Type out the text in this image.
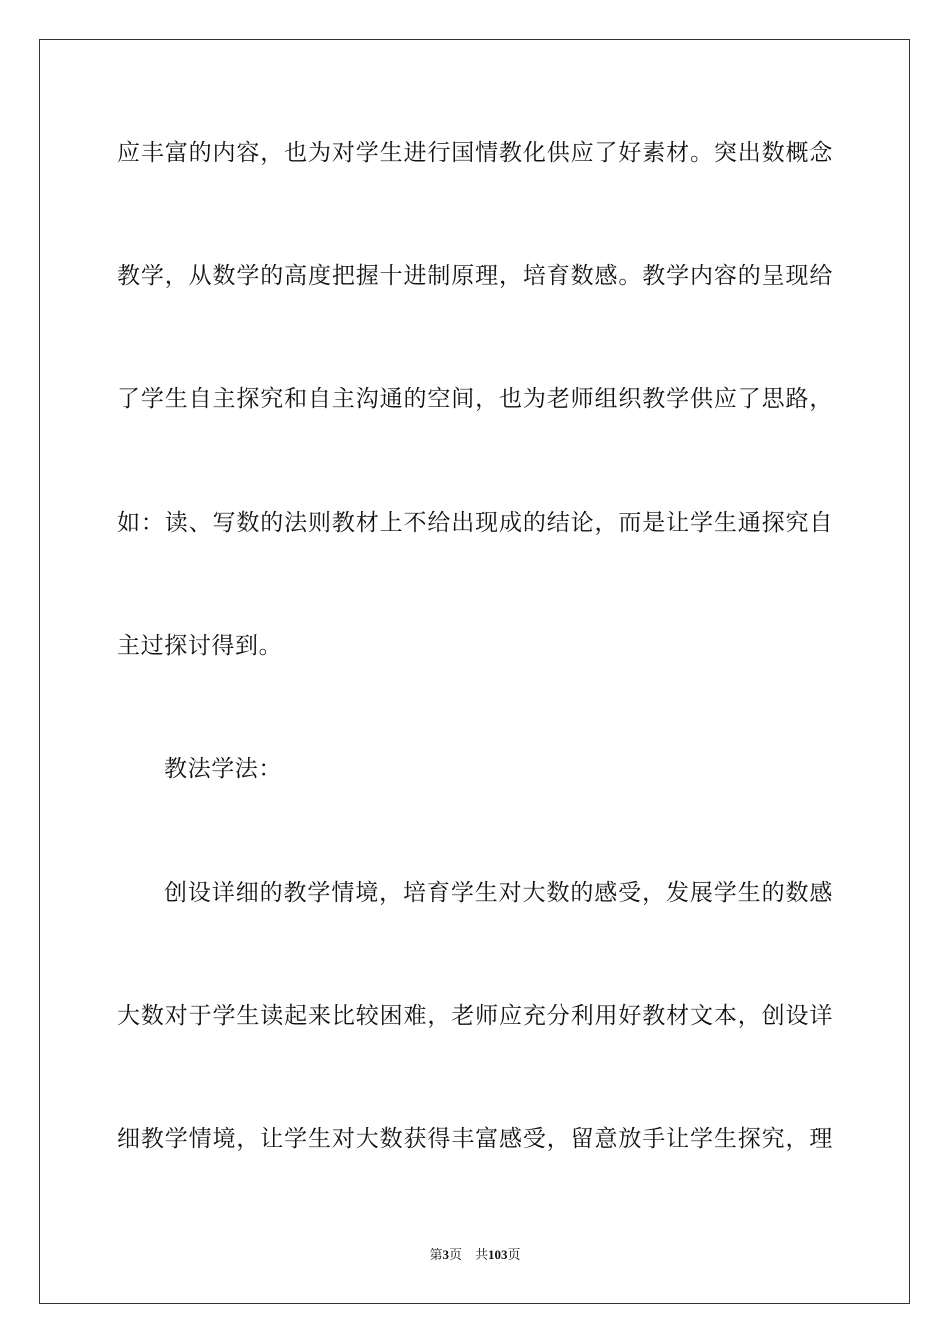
应丰富的内容，也为对学生进行国情教化供应了好素材。突出数概念
教学，从数学的高度把握十进制原理，培育数感。教学内容的呈现给
了学生自主探究和自主沟通的空间，也为老师组织教学供应了思路，
如：读、写数的法则教材上不给出现成的结论，而是让学生通探究自
主过探讨得到。
教法学法：
创设详细的教学情境，培育学生对大数的感受，发展学生的数感
大数对于学生读起来比较困难，老师应充分利用好教材文本，创设详
细教学情境，让学生对大数获得丰富感受，留意放手让学生探究，理
第3页 共103页
